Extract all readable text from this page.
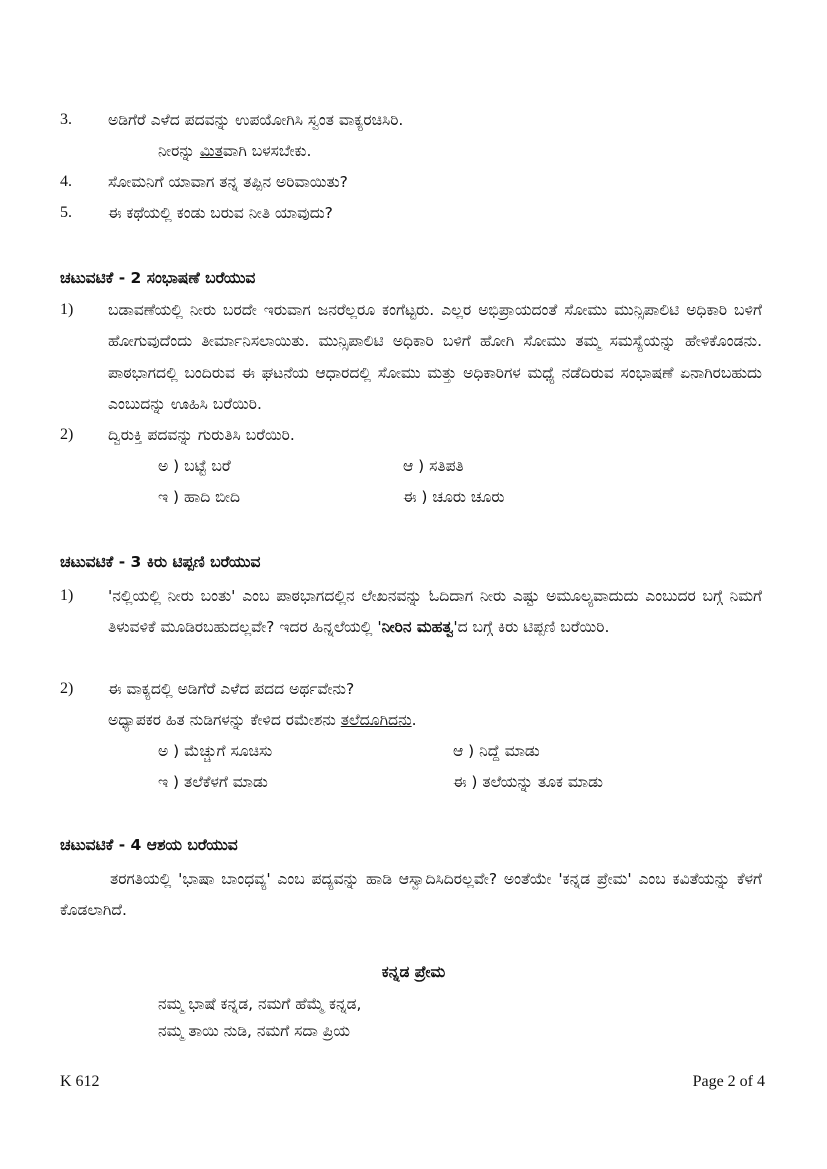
3. ಅಡಿಗೆರೆ ಎಳೆದ ಪದವನ್ನು ಉಪಯೋಗಿಸಿ ಸ್ವಂತ ವಾಕ್ಯರಚಿಸಿರಿ.
ನೀರನ್ನು ಮಿತವಾಗಿ ಬಳಸಬೇಕು.
4. ಸೋಮನಿಗೆ ಯಾವಾಗ ತನ್ನ ತಪ್ಪಿನ ಅರಿವಾಯಿತು?
5. ಈ ಕಥೆಯಲ್ಲಿ ಕಂಡು ಬರುವ ನೀತಿ ಯಾವುದು?
ಚಟುವಟಿಕೆ - 2 ಸಂಭಾಷಣೆ ಬರೆಯುವ
1) ಬಡಾವಣೆಯಲ್ಲಿ ನೀರು ಬರದೇ ಇರುವಾಗ ಜನರೆಲ್ಲರೂ ಕಂಗೆಟ್ಟರು. ಎಲ್ಲರ ಅಭಿಪ್ರಾಯದಂತೆ ಸೋಮು ಮುನ್ಸಿಪಾಲಿಟಿ ಅಧಿಕಾರಿ ಬಳಿಗೆ ಹೋಗುವುದೆಂದು ತೀರ್ಮಾನಿಸಲಾಯಿತು. ಮುನ್ಸಿಪಾಲಿಟಿ ಅಧಿಕಾರಿ ಬಳಿಗೆ ಹೋಗಿ ಸೋಮು ತಮ್ಮ ಸಮಸ್ಯೆಯನ್ನು ಹೇಳಿಕೊಂಡನು. ಪಾಠಭಾಗದಲ್ಲಿ ಬಂದಿರುವ ಈ ಘಟನೆಯ ಆಧಾರದಲ್ಲಿ ಸೋಮು ಮತ್ತು ಅಧಿಕಾರಿಗಳ ಮಧ್ಯೆ ನಡೆದಿರುವ ಸಂಭಾಷಣೆ ಏನಾಗಿರಬಹುದು ಎಂಬುದನ್ನು ಊಹಿಸಿ ಬರೆಯಿರಿ.
2) ದ್ವಿರುಕ್ತಿ ಪದವನ್ನು ಗುರುತಿಸಿ ಬರೆಯಿರಿ.
ಅ ) ಬಟ್ಟೆ ಬರೆ	ಆ ) ಸತಿಪತಿ
ಇ ) ಹಾದಿ ಬೀದಿ	ಈ ) ಚೂರು ಚೂರು
ಚಟುವಟಿಕೆ - 3 ಕಿರು ಟಿಪ್ಪಣಿ ಬರೆಯುವ
1) 'ನಲ್ಲಿಯಲ್ಲಿ ನೀರು ಬಂತು' ಎಂಬ ಪಾಠಭಾಗದಲ್ಲಿನ ಲೇಖನವನ್ನು ಓದಿದಾಗ ನೀರು ಎಷ್ಟು ಅಮೂಲ್ಯವಾದುದು ಎಂಬುದರ ಬಗ್ಗೆ ನಿಮಗೆ ತಿಳುವಳಿಕೆ ಮೂಡಿರಬಹುದಲ್ಲವೇ? ಇದರ ಹಿನ್ನಲೆಯಲ್ಲಿ 'ನೀರಿನ ಮಹತ್ವ'ದ ಬಗ್ಗೆ ಕಿರು ಟಿಪ್ಪಣಿ ಬರೆಯಿರಿ.
2) ಈ ವಾಕ್ಯದಲ್ಲಿ ಅಡಿಗೆರೆ ಎಳೆದ ಪದದ ಅರ್ಥವೇನು?
ಅಧ್ಯಾಪಕರ ಹಿತ ನುಡಿಗಳನ್ನು ಕೇಳಿದ ರಮೇಶನು ತಲೆದೂಗಿದನು.
ಅ ) ಮೆಚ್ಚುಗೆ ಸೂಚಿಸು	ಆ ) ನಿದ್ದೆ ಮಾಡು
ಇ ) ತಲೆಕೆಳಗೆ ಮಾಡು	ಈ ) ತಲೆಯನ್ನು ತೂಕ ಮಾಡು
ಚಟುವಟಿಕೆ - 4 ಆಶಯ ಬರೆಯುವ
ತರಗತಿಯಲ್ಲಿ 'ಭಾಷಾ ಬಾಂಧವ್ಯ' ಎಂಬ ಪದ್ಯವನ್ನು ಹಾಡಿ ಆಸ್ವಾದಿಸಿದಿರಲ್ಲವೇ? ಅಂತೆಯೇ 'ಕನ್ನಡ ಪ್ರೇಮ' ಎಂಬ ಕವಿತೆಯನ್ನು ಕೆಳಗೆ ಕೊಡಲಾಗಿದೆ.
ಕನ್ನಡ ಪ್ರೇಮ
ನಮ್ಮ ಭಾಷೆ ಕನ್ನಡ, ನಮಗೆ ಹೆಮ್ಮೆ ಕನ್ನಡ,
ನಮ್ಮ ತಾಯಿ ನುಡಿ, ನಮಗೆ ಸದಾ ಪ್ರಿಯ
K 612	Page 2 of 4
